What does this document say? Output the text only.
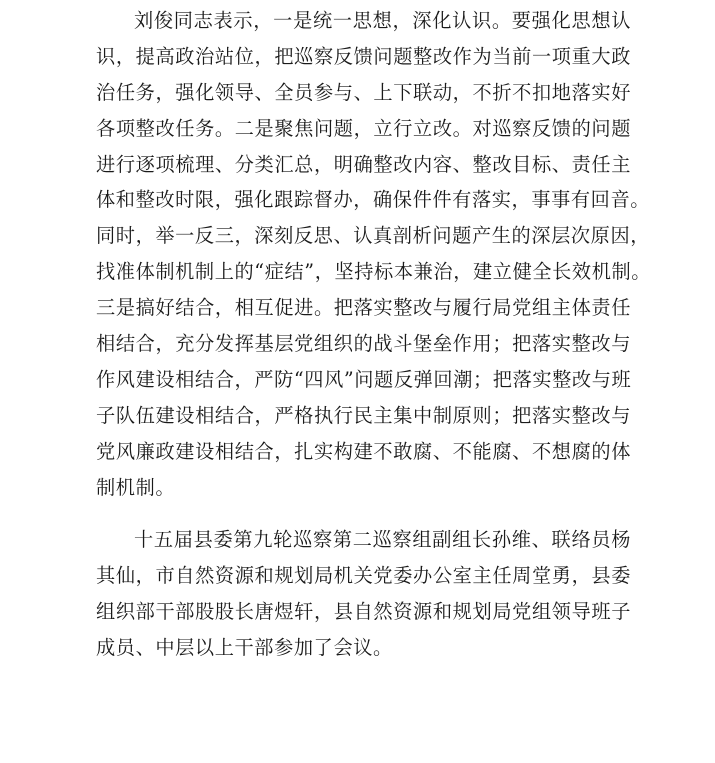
刘俊同志表示，一是统一思想，深化认识。要强化思想认
识，提高政治站位，把巡察反馈问题整改作为当前一项重大政
治任务，强化领导、全员参与、上下联动，不折不扣地落实好
各项整改任务。二是聚焦问题，立行立改。对巡察反馈的问题
进行逐项梳理、分类汇总，明确整改内容、整改目标、责任主
体和整改时限，强化跟踪督办，确保件件有落实，事事有回音。
同时，举一反三，深刻反思、认真剖析问题产生的深层次原因，
找准体制机制上的“症结”，坚持标本兼治，建立健全长效机制。
三是搞好结合，相互促进。把落实整改与履行局党组主体责任
相结合，充分发挥基层党组织的战斗堡垒作用；把落实整改与
作风建设相结合，严防“四风”问题反弹回潮；把落实整改与班
子队伍建设相结合，严格执行民主集中制原则；把落实整改与
党风廉政建设相结合，扎实构建不敢腐、不能腐、不想腐的体
制机制。
十五届县委第九轮巡察第二巡察组副组长孙维、联络员杨
其仙，市自然资源和规划局机关党委办公室主任周堂勇，县委
组织部干部股股长唐煜轩，县自然资源和规划局党组领导班子
成员、中层以上干部参加了会议。
